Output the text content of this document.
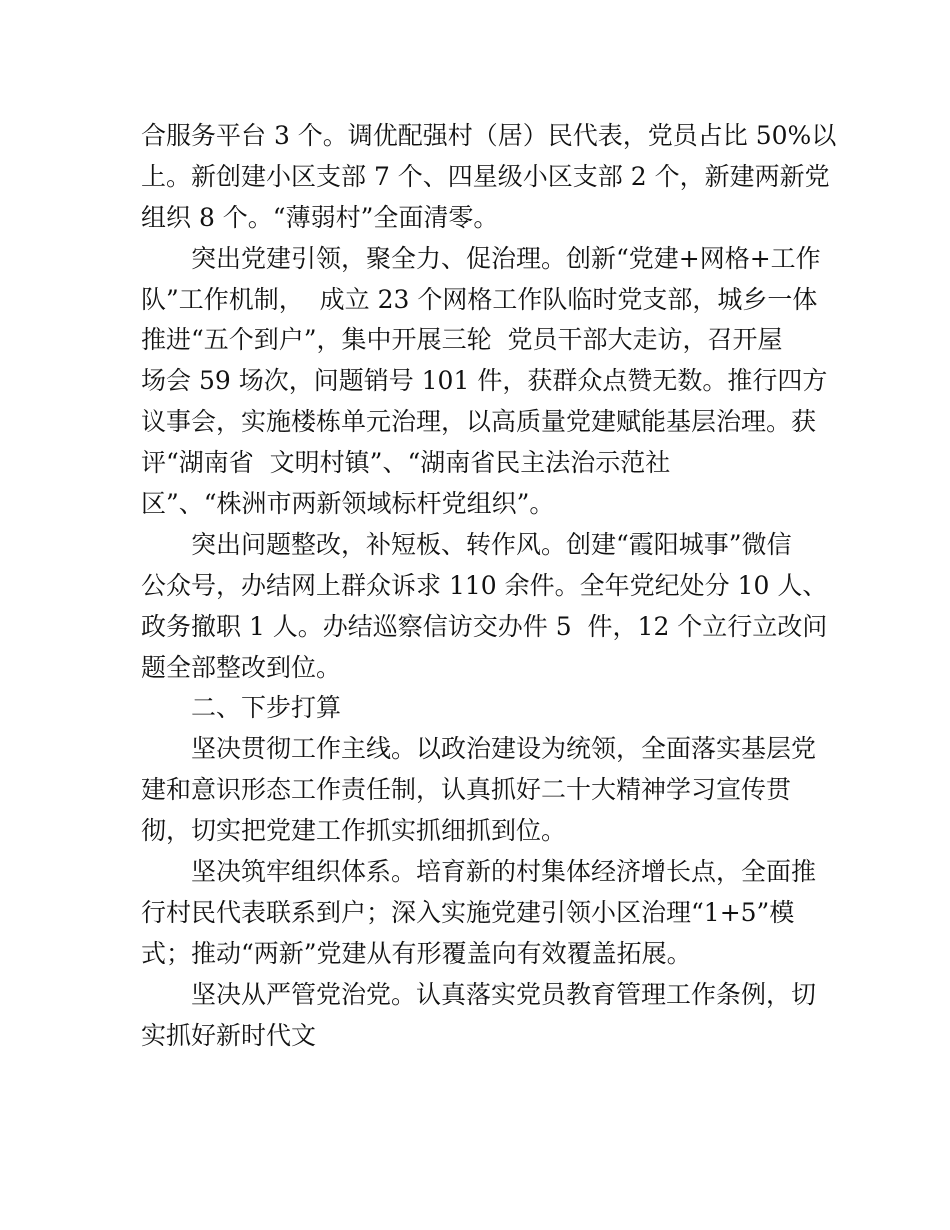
合服务平台 3 个。调优配强村（居）民代表，党员占比 50%以
上。新创建小区支部 7 个、四星级小区支部 2 个，新建两新党
组织 8 个。“薄弱村”全面清零。
突出党建引领，聚全力、促治理。创新“党建+网格+工作
队”工作机制，  成立 23 个网格工作队临时党支部，城乡一体
推进“五个到户”，集中开展三轮  党员干部大走访，召开屋
场会 59 场次，问题销号 101 件，获群众点赞无数。推行四方
议事会，实施楼栋单元治理，以高质量党建赋能基层治理。获
评“湖南省  文明村镇”、“湖南省民主法治示范社
区”、“株洲市两新领域标杆党组织”。
突出问题整改，补短板、转作风。创建“霞阳城事”微信
公众号，办结网上群众诉求 110 余件。全年党纪处分 10 人、
政务撤职 1 人。办结巡察信访交办件 5  件，12 个立行立改问
题全部整改到位。
二、下步打算
坚决贯彻工作主线。以政治建设为统领，全面落实基层党
建和意识形态工作责任制，认真抓好二十大精神学习宣传贯
彻，切实把党建工作抓实抓细抓到位。
坚决筑牢组织体系。培育新的村集体经济增长点，全面推
行村民代表联系到户；深入实施党建引领小区治理“1+5”模
式；推动“两新”党建从有形覆盖向有效覆盖拓展。
坚决从严管党治党。认真落实党员教育管理工作条例，切
实抓好新时代文
